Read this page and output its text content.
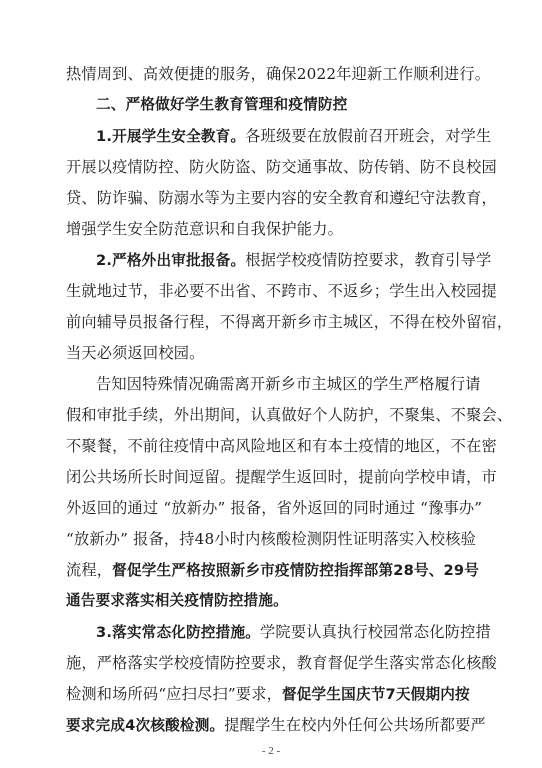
热情周到、高效便捷的服务，确保2022年迎新工作顺利进行。
二、严格做好学生教育管理和疫情防控
1.开展学生安全教育。各班级要在放假前召开班会，对学生
开展以疫情防控、防火防盗、防交通事故、防传销、防不良校园
贷、防诈骗、防溺水等为主要内容的安全教育和遵纪守法教育，
增强学生安全防范意识和自我保护能力。
2.严格外出审批报备。根据学校疫情防控要求，教育引导学
生就地过节，非必要不出省、不跨市、不返乡；学生出入校园提
前向辅导员报备行程，不得离开新乡市主城区，不得在校外留宿，
当天必须返回校园。
告知因特殊情况确需离开新乡市主城区的学生严格履行请
假和审批手续，外出期间，认真做好个人防护，不聚集、不聚会、
不聚餐，不前往疫情中高风险地区和有本土疫情的地区，不在密
闭公共场所长时间逗留。提醒学生返回时，提前向学校申请，市
外返回的通过 “放新办” 报备，省外返回的同时通过 “豫事办”
“放新办” 报备，持48小时内核酸检测阴性证明落实入校核验
流程，督促学生严格按照新乡市疫情防控指挥部第28号、29号
通告要求落实相关疫情防控措施。
3.落实常态化防控措施。学院要认真执行校园常态化防控措
施，严格落实学校疫情防控要求，教育督促学生落实常态化核酸
检测和场所码“应扫尽扫”要求，督促学生国庆节7天假期内按
要求完成4次核酸检测。提醒学生在校内外任何公共场所都要严
- 2 -
